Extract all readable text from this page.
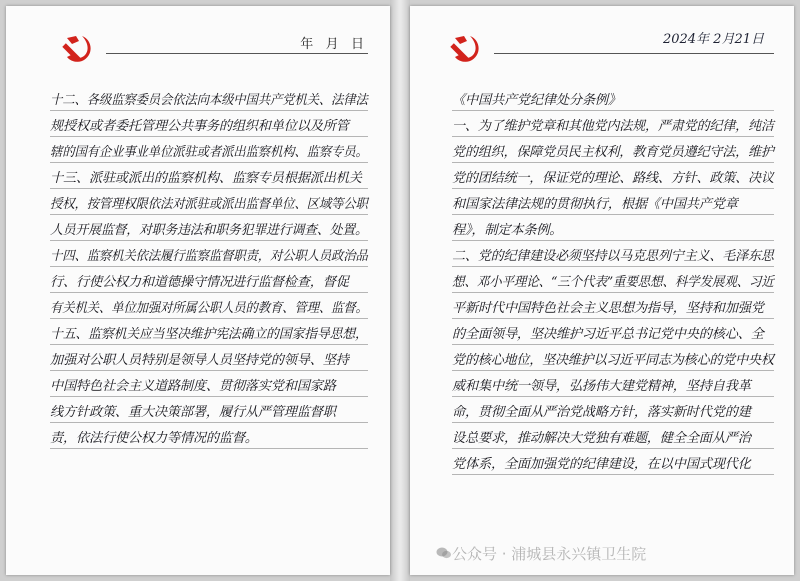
年   月   日
十二、各级监察委员会依法向本级中国共产党机关、法律法
规授权或者委托管理公共事务的组织和单位以及所管
辖的国有企业事业单位派驻或者派出监察机构、监察专员。
十三、派驻或派出的监察机构、监察专员根据派出机关
授权，按管理权限依法对派驻或派出监督单位、区域等公职
人员开展监督，对职务违法和职务犯罪进行调查、处置。
十四、监察机关依法履行监察监督职责，对公职人员政治品
行、行使公权力和道德操守情况进行监督检查，督促
有关机关、单位加强对所属公职人员的教育、管理、监督。
十五、监察机关应当坚决维护宪法确立的国家指导思想，
加强对公职人员特别是领导人员坚持党的领导、坚持
中国特色社会主义道路制度、贯彻落实党和国家路
线方针政策、重大决策部署，履行从严管理监督职
责，依法行使公权力等情况的监督。
2024年 2月21日
《中国共产党纪律处分条例》
一、为了维护党章和其他党内法规，严肃党的纪律，纯洁
党的组织，保障党员民主权利，教育党员遵纪守法，维护
党的团结统一，保证党的理论、路线、方针、政策、决议
和国家法律法规的贯彻执行，根据《中国共产党章
程》，制定本条例。
二、党的纪律建设必须坚持以马克思列宁主义、毛泽东思
想、邓小平理论、“三个代表”重要思想、科学发展观、习近
平新时代中国特色社会主义思想为指导，坚持和加强党
的全面领导，坚决维护习近平总书记党中央的核心、全
党的核心地位，坚决维护以习近平同志为核心的党中央权
威和集中统一领导，弘扬伟大建党精神，坚持自我革
命，贯彻全面从严治党战略方针，落实新时代党的建
设总要求，推动解决大党独有难题，健全全面从严治
党体系，全面加强党的纪律建设，在以中国式现代化
公众号 · 浦城县永兴镇卫生院
